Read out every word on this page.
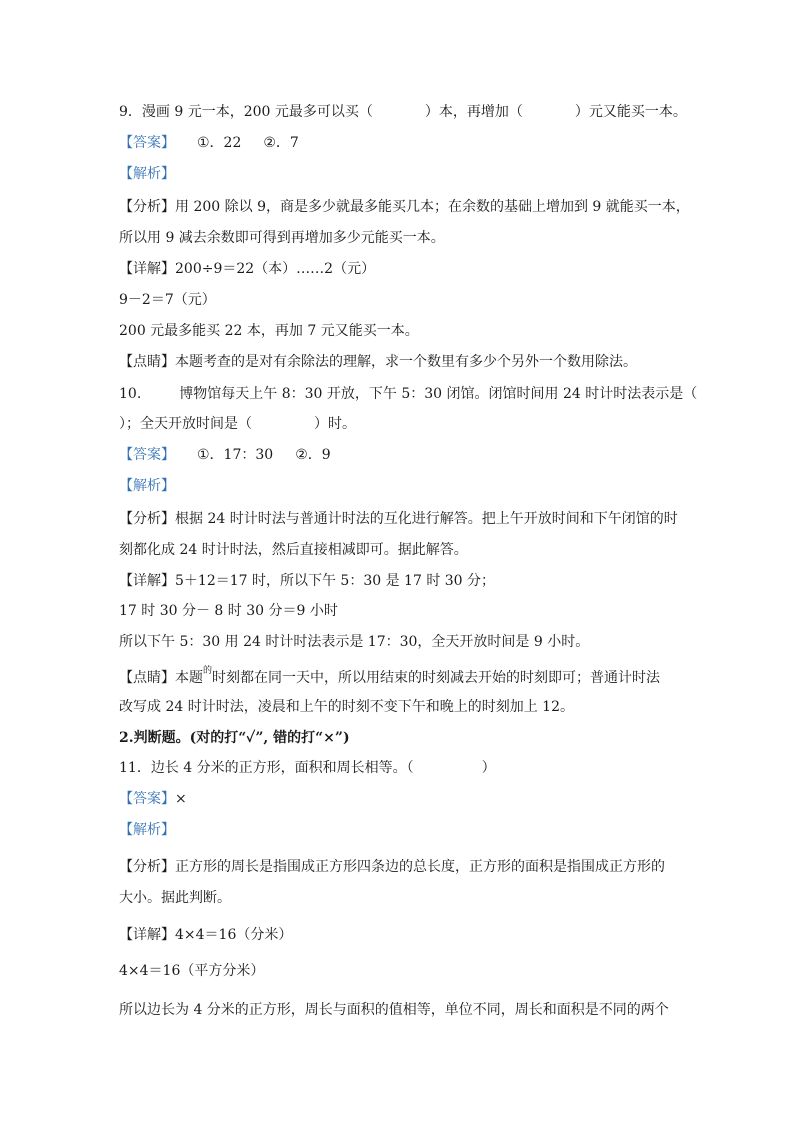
9．漫画 9 元一本，200 元最多可以买（	）本，再增加（	）元又能买一本。
【答案】 ①．22 ②．7
【解析】
【分析】用 200 除以 9，商是多少就最多能买几本；在余数的基础上增加到 9 就能买一本，
所以用 9 减去余数即可得到再增加多少元能买一本。
【详解】200÷9＝22（本）……2（元）
9－2＝7（元）
200 元最多能买 22 本，再加 7 元又能买一本。
【点睛】本题考查的是对有余除法的理解，求一个数里有多少个另外一个数用除法。
10.	博物馆每天上午 8：30 开放，下午 5：30 闭馆。闭馆时间用 24 时计时法表示是（
）；全天开放时间是（	）时。
【答案】 ①．17：30 ②．9
【解析】
【分析】根据 24 时计时法与普通计时法的互化进行解答。把上午开放时间和下午闭馆的时
刻都化成 24 时计时法，然后直接相减即可。据此解答。
【详解】5＋12＝17 时，所以下午 5：30 是 17 时 30 分；
17 时 30 分－ 8 时 30 分＝9 小时
所以下午 5：30 用 24 时计时法表示是 17：30，全天开放时间是 9 小时。
【点睛】本题$^的$时刻都在同一天中，所以用结束的时刻减去开始的时刻即可；普通计时法
改写成 24 时计时法，凌晨和上午的时刻不变下午和晚上的时刻加上 12。
2.判断题。(对的打“✓”, 错的打“×”)
11．边长 4 分米的正方形，面积和周长相等。（	）
【答案】×
【解析】
【分析】正方形的周长是指围成正方形四条边的总长度，正方形的面积是指围成正方形的
大小。据此判断。
【详解】4×4＝16（分米）
4×4＝16（平方分米）
所以边长为 4 分米的正方形，周长与面积的值相等，单位不同，周长和面积是不同的两个
